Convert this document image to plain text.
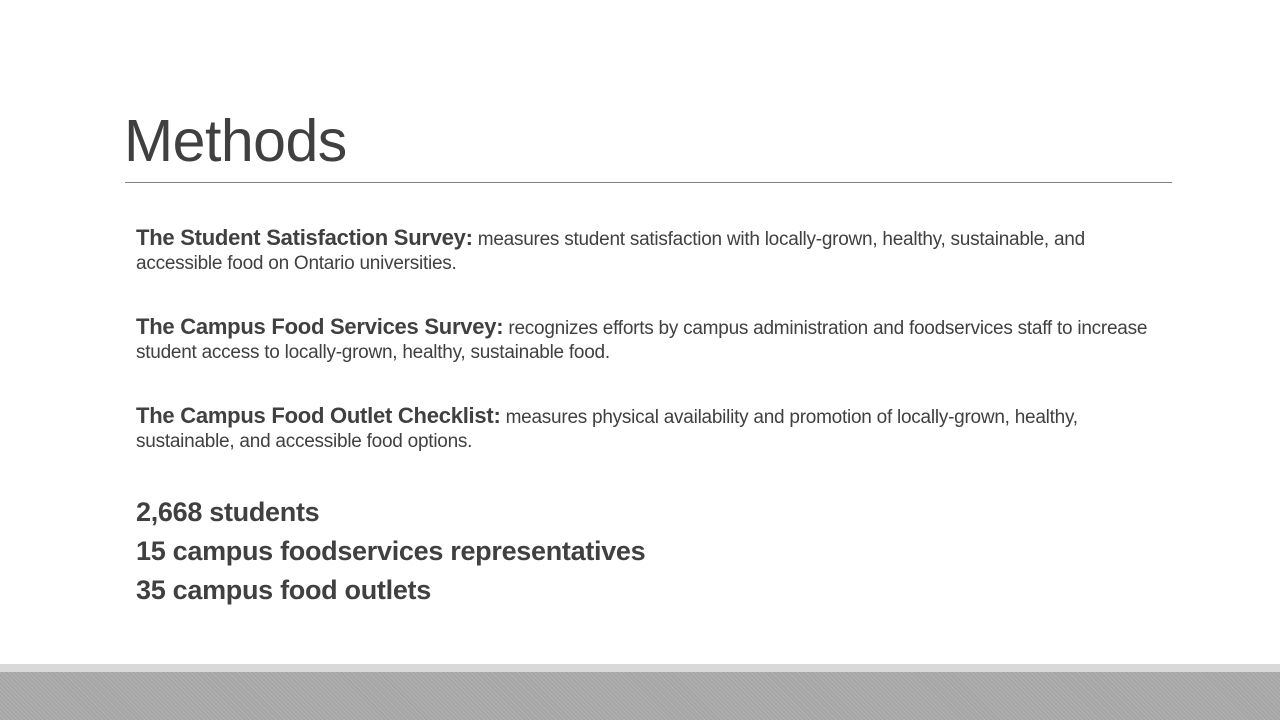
Methods

The Student Satisfaction Survey: measures student satisfaction with locally-grown, healthy, sustainable, and accessible food on Ontario universities.

The Campus Food Services Survey: recognizes efforts by campus administration and foodservices staff to increase student access to locally-grown, healthy, sustainable food.

The Campus Food Outlet Checklist: measures physical availability and promotion of locally-grown, healthy, sustainable, and accessible food options.

2,668 students

15 campus foodservices representatives

35 campus food outlets
